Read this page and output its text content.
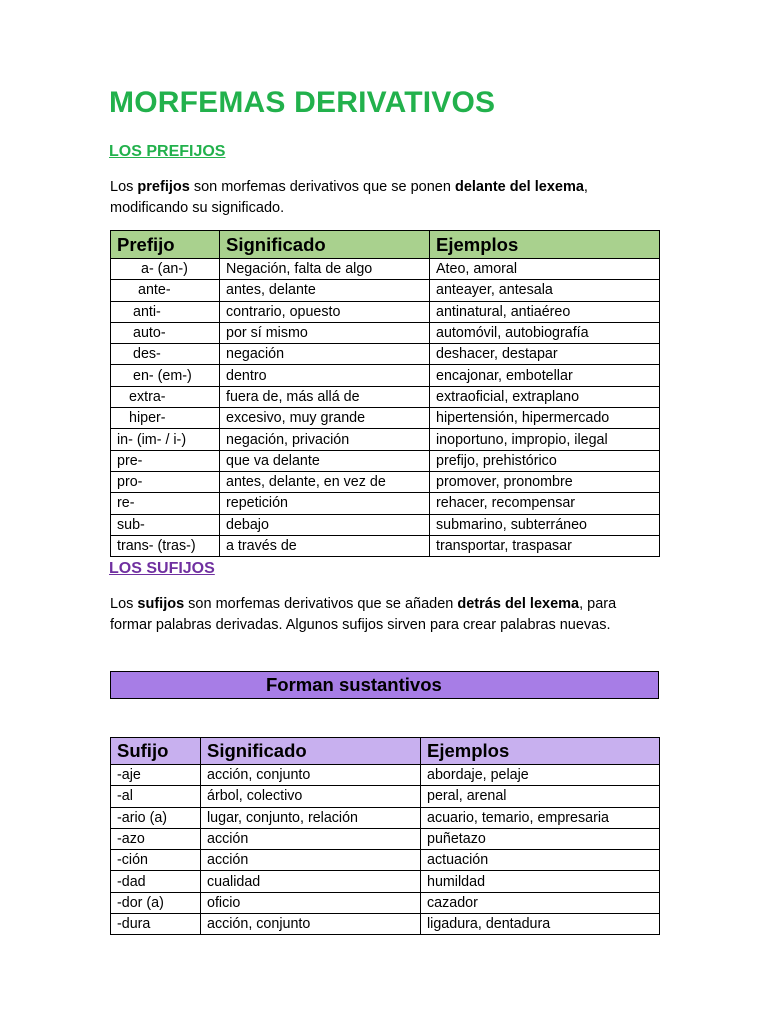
MORFEMAS DERIVATIVOS
LOS PREFIJOS

Los prefijos son morfemas derivativos que se ponen delante del lexema, modificando su significado.

Prefijo	Significado	Ejemplos
a- (an-)	Negación, falta de algo	Ateo, amoral
ante-	antes, delante	anteayer, antesala
anti-	contrario, opuesto	antinatural, antiaéreo
auto-	por sí mismo	automóvil, autobiografía
des-	negación	deshacer, destapar
en- (em-)	dentro	encajonar, embotellar
extra-	fuera de, más allá de	extraoficial, extraplano
hiper-	excesivo, muy grande	hipertensión, hipermercado
in- (im- / i-)	negación, privación	inoportuno, impropio, ilegal
pre-	que va delante	prefijo, prehistórico
pro-	antes, delante, en vez de	promover, pronombre
re-	repetición	rehacer, recompensar
sub-	debajo	submarino, subterráneo
trans- (tras-)	a través de	transportar, traspasar
LOS SUFIJOS

Los sufijos son morfemas derivativos que se añaden detrás del lexema, para formar palabras derivadas. Algunos sufijos sirven para crear palabras nuevas.

Forman sustantivos
Sufijo	Significado	Ejemplos
-aje	acción, conjunto	abordaje, pelaje
-al	árbol, colectivo	peral, arenal
-ario (a)	lugar, conjunto, relación	acuario, temario, empresaria
-azo	acción	puñetazo
-ción	acción	actuación
-dad	cualidad	humildad
-dor (a)	oficio	cazador
-dura	acción, conjunto	ligadura, dentadura
